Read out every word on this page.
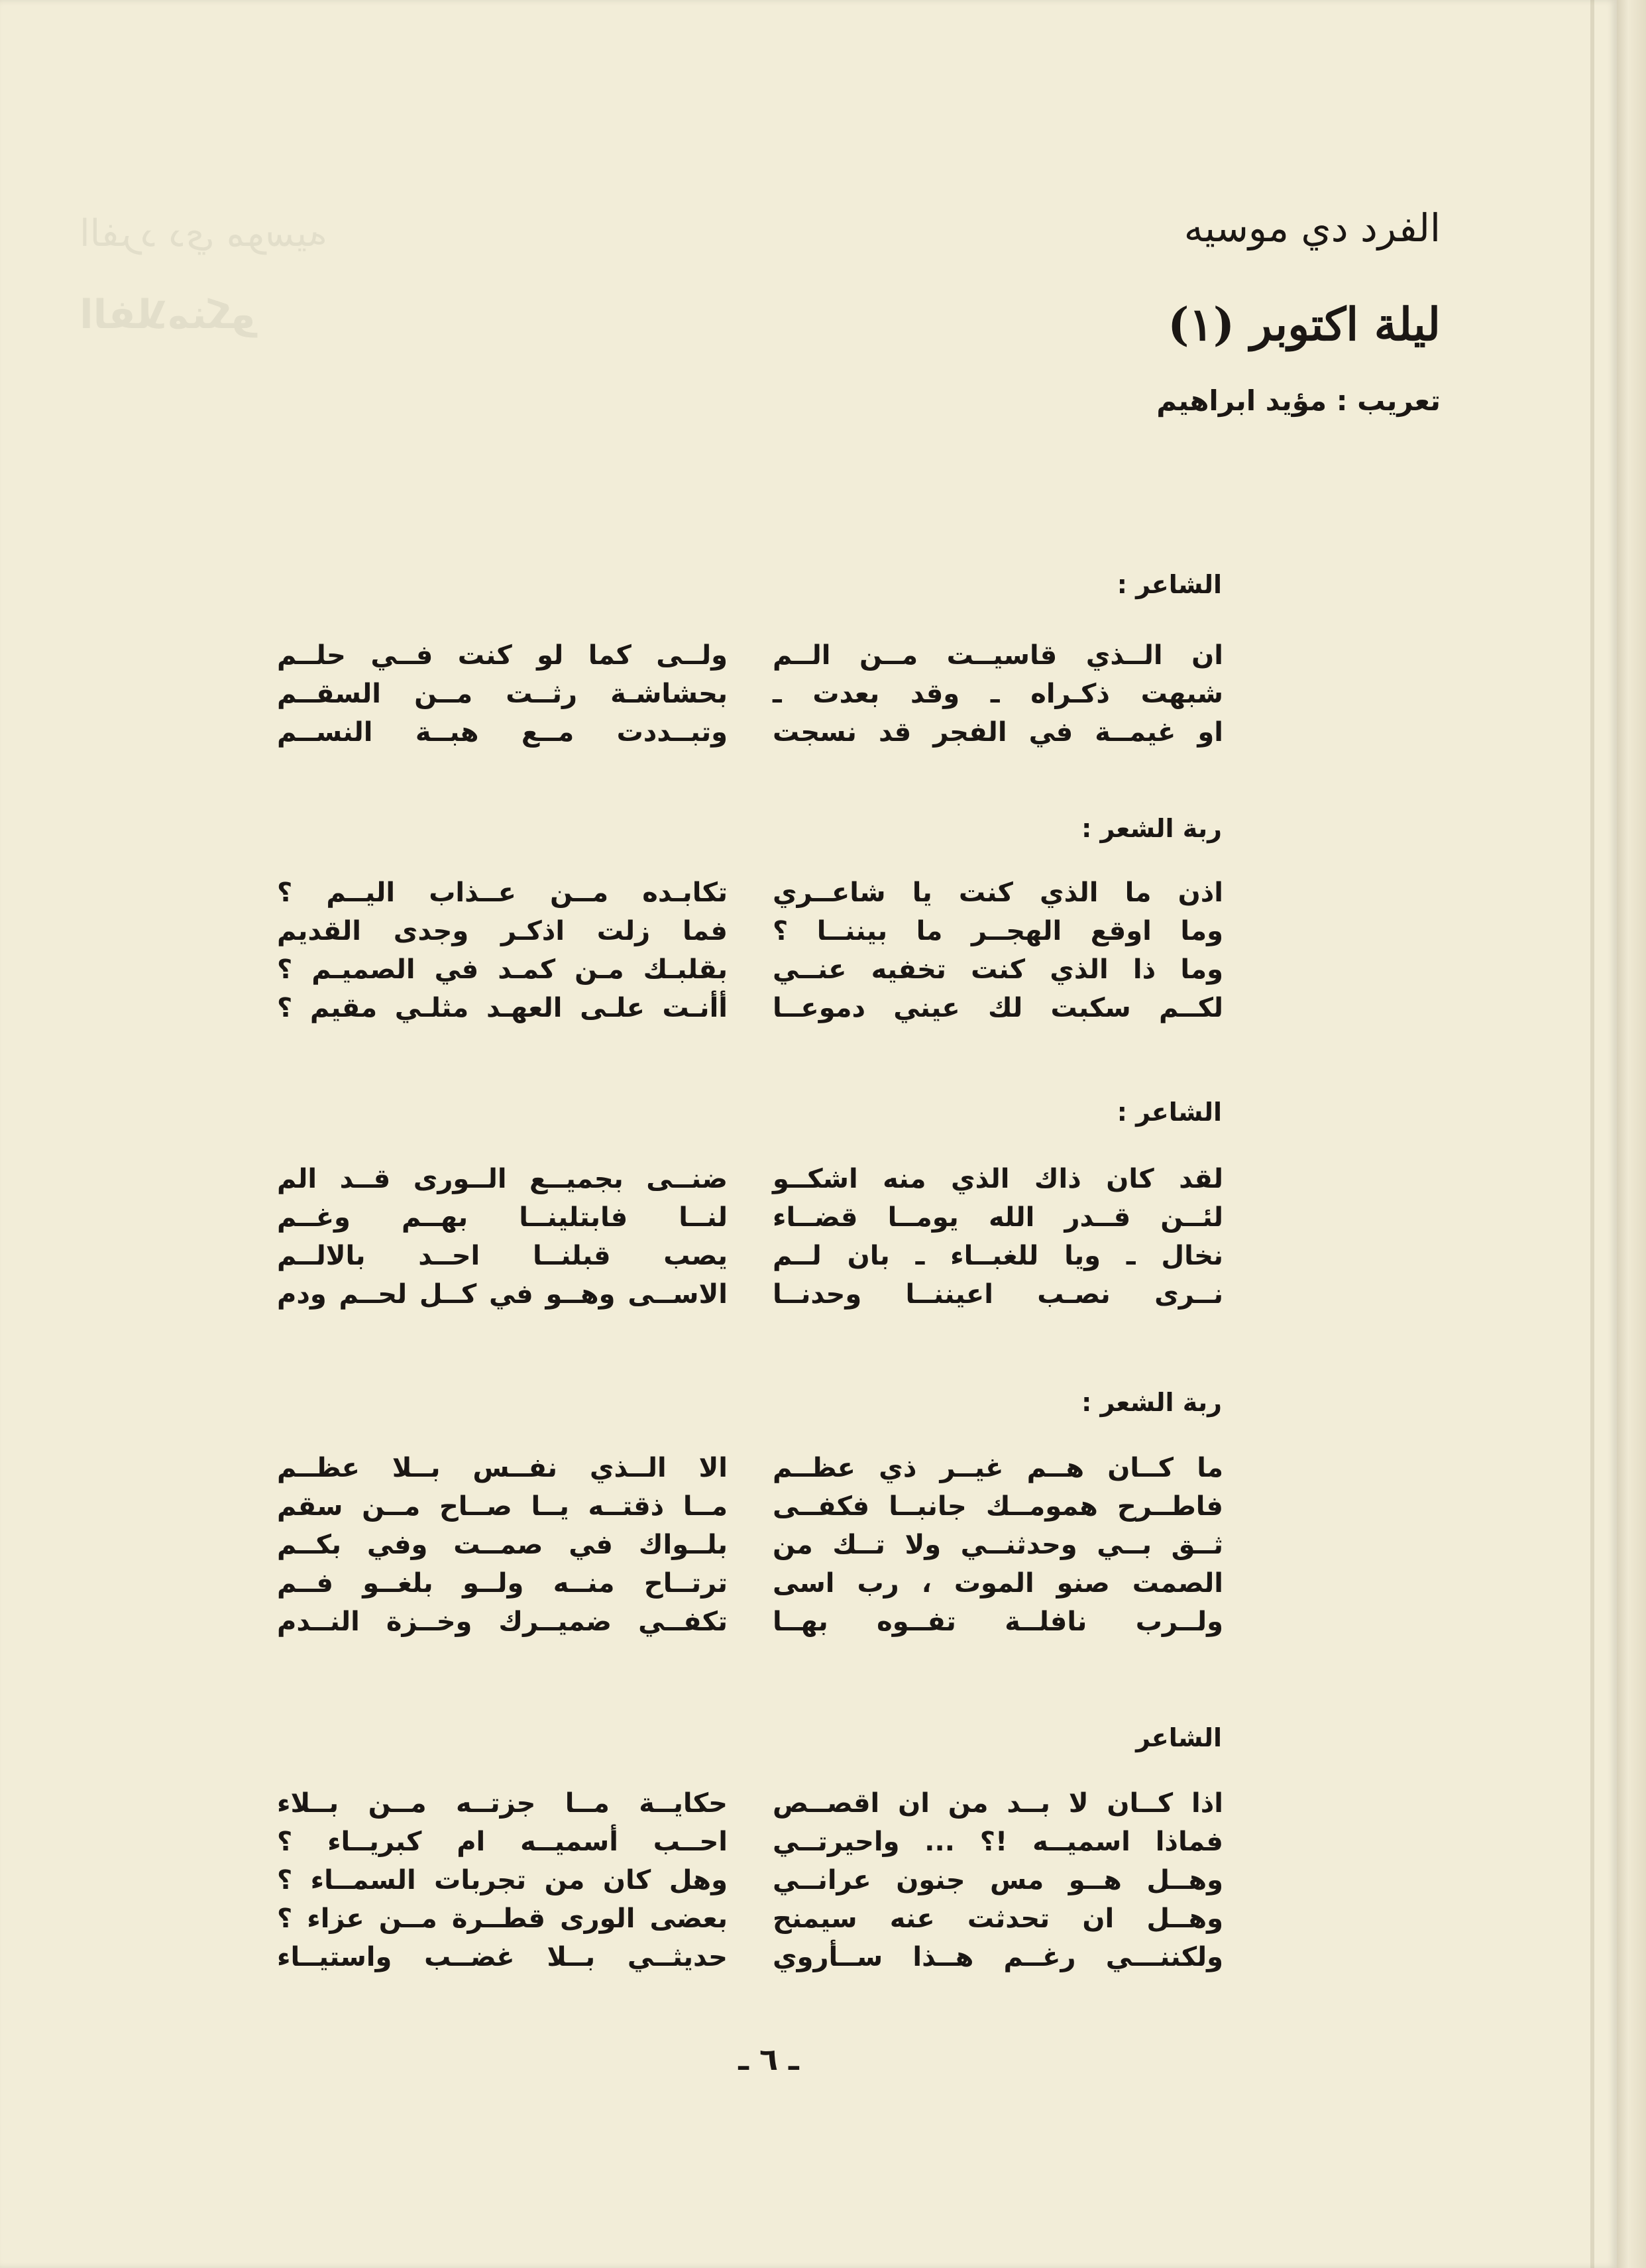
الفرد دي موسيه
الفلامنكو
الفرد دي موسيه
ليلة اكتوبر (١)
تعريب : مؤيد ابراهيم
الشاعر :
ان الــذي قاسيــت مــن الــم
شبهت ذكـراه ـ وقد بعدت ـ
او غيمــة في الفجر قد نسجت
ولــى كما لو كنت فــي حلــم
بحشاشـة رثــت مــن السقــم
وتبــددت مــع هبــة النســم
ربة الشعر :
اذن ما الذي كنت يا شاعــري
وما اوقع الهجــر ما بيننــا ؟
وما ذا الذي كنت تخفيه عنــي
لكــم سكبت لك عيني دموعــا
تكابـده مــن عــذاب اليــم ؟
فما زلت اذكـر وجدى القديم
بقلبـك مـن كمـد في الصميـم ؟
أأنـت علـى العهـد مثلـي مقيم ؟
الشاعر :
لقد كان ذاك الذي منه اشكــو
لئــن قــدر الله يومــا قضــاء
نخال ـ ويا للغبــاء ـ بان لــم
نــرى نصـب اعيننــا وحدنــا
ضنــى بجميــع الــورى قــد الم
لنــا فابتلينــا بهــم وغــم
يصب قبلنــا احــد بالالــم
الاســى وهــو في كــل لحــم ودم
ربة الشعر :
ما كــان هــم غيــر ذي عظــم
فاطــرح همومــك جانبــا فكفــى
ثــق بــي وحدثنــي ولا تــك من
الصمت صنو الموت ، رب اسى
ولــرب نافلــة تفــوه بهــا
الا الــذي نفــس بــلا عظــم
مــا ذقتــه يــا صــاح مــن سقم
بلــواك في صمــت وفي بكــم
ترتــاح منــه ولــو بلغــو فــم
تكفــي ضميــرك وخــزة النــدم
الشاعر
اذا كــان لا بــد من ان اقصــص
فماذا اسميــه !؟ ... واحيرتــي
وهــل هــو مس جنون عرانــي
وهــل ان تحدثت عنه سيمنح
ولكننـــي رغــم هــذا ســأروي
حكايــة مــا جزتــه مــن بــلاء
احــب أسميــه ام كبريــاء ؟
وهل كان من تجربات السمــاء ؟
بعضى الورى قطــرة مــن عزاء ؟
حديثــي بــلا غضــب واستيــاء
ـ ٦ ـ
